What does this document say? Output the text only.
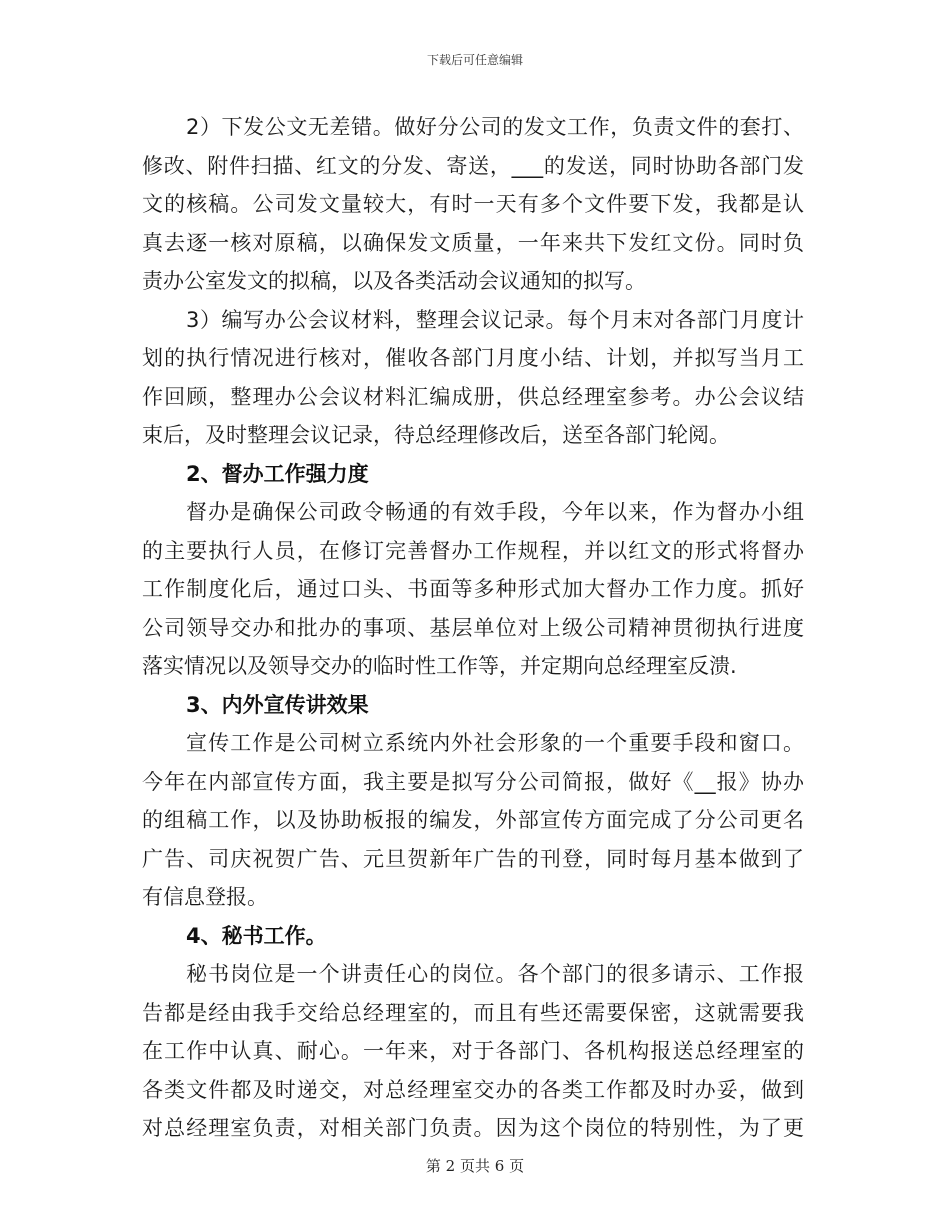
下载后可任意编辑

2）下发公文无差错。做好分公司的发文工作，负责文件的套打、
修改、附件扫描、红文的分发、寄送，___的发送，同时协助各部门发
文的核稿。公司发文量较大，有时一天有多个文件要下发，我都是认
真去逐一核对原稿，以确保发文质量，一年来共下发红文份。同时负
责办公室发文的拟稿，以及各类活动会议通知的拟写。

3）编写办公会议材料，整理会议记录。每个月末对各部门月度计
划的执行情况进行核对，催收各部门月度小结、计划，并拟写当月工
作回顾，整理办公会议材料汇编成册，供总经理室参考。办公会议结
束后，及时整理会议记录，待总经理修改后，送至各部门轮阅。

2、督办工作强力度

督办是确保公司政令畅通的有效手段，今年以来，作为督办小组
的主要执行人员，在修订完善督办工作规程，并以红文的形式将督办
工作制度化后，通过口头、书面等多种形式加大督办工作力度。抓好
公司领导交办和批办的事项、基层单位对上级公司精神贯彻执行进度
落实情况以及领导交办的临时性工作等，并定期向总经理室反溃.

3、内外宣传讲效果

宣传工作是公司树立系统内外社会形象的一个重要手段和窗口。
今年在内部宣传方面，我主要是拟写分公司简报，做好《__报》协办
的组稿工作，以及协助板报的编发，外部宣传方面完成了分公司更名
广告、司庆祝贺广告、元旦贺新年广告的刊登，同时每月基本做到了
有信息登报。

4、秘书工作。

秘书岗位是一个讲责任心的岗位。各个部门的很多请示、工作报
告都是经由我手交给总经理室的，而且有些还需要保密，这就需要我
在工作中认真、耐心。一年来，对于各部门、各机构报送总经理室的
各类文件都及时递交，对总经理室交办的各类工作都及时办妥，做到
对总经理室负责，对相关部门负责。因为这个岗位的特别性，为了更

第 2 页共 6 页
